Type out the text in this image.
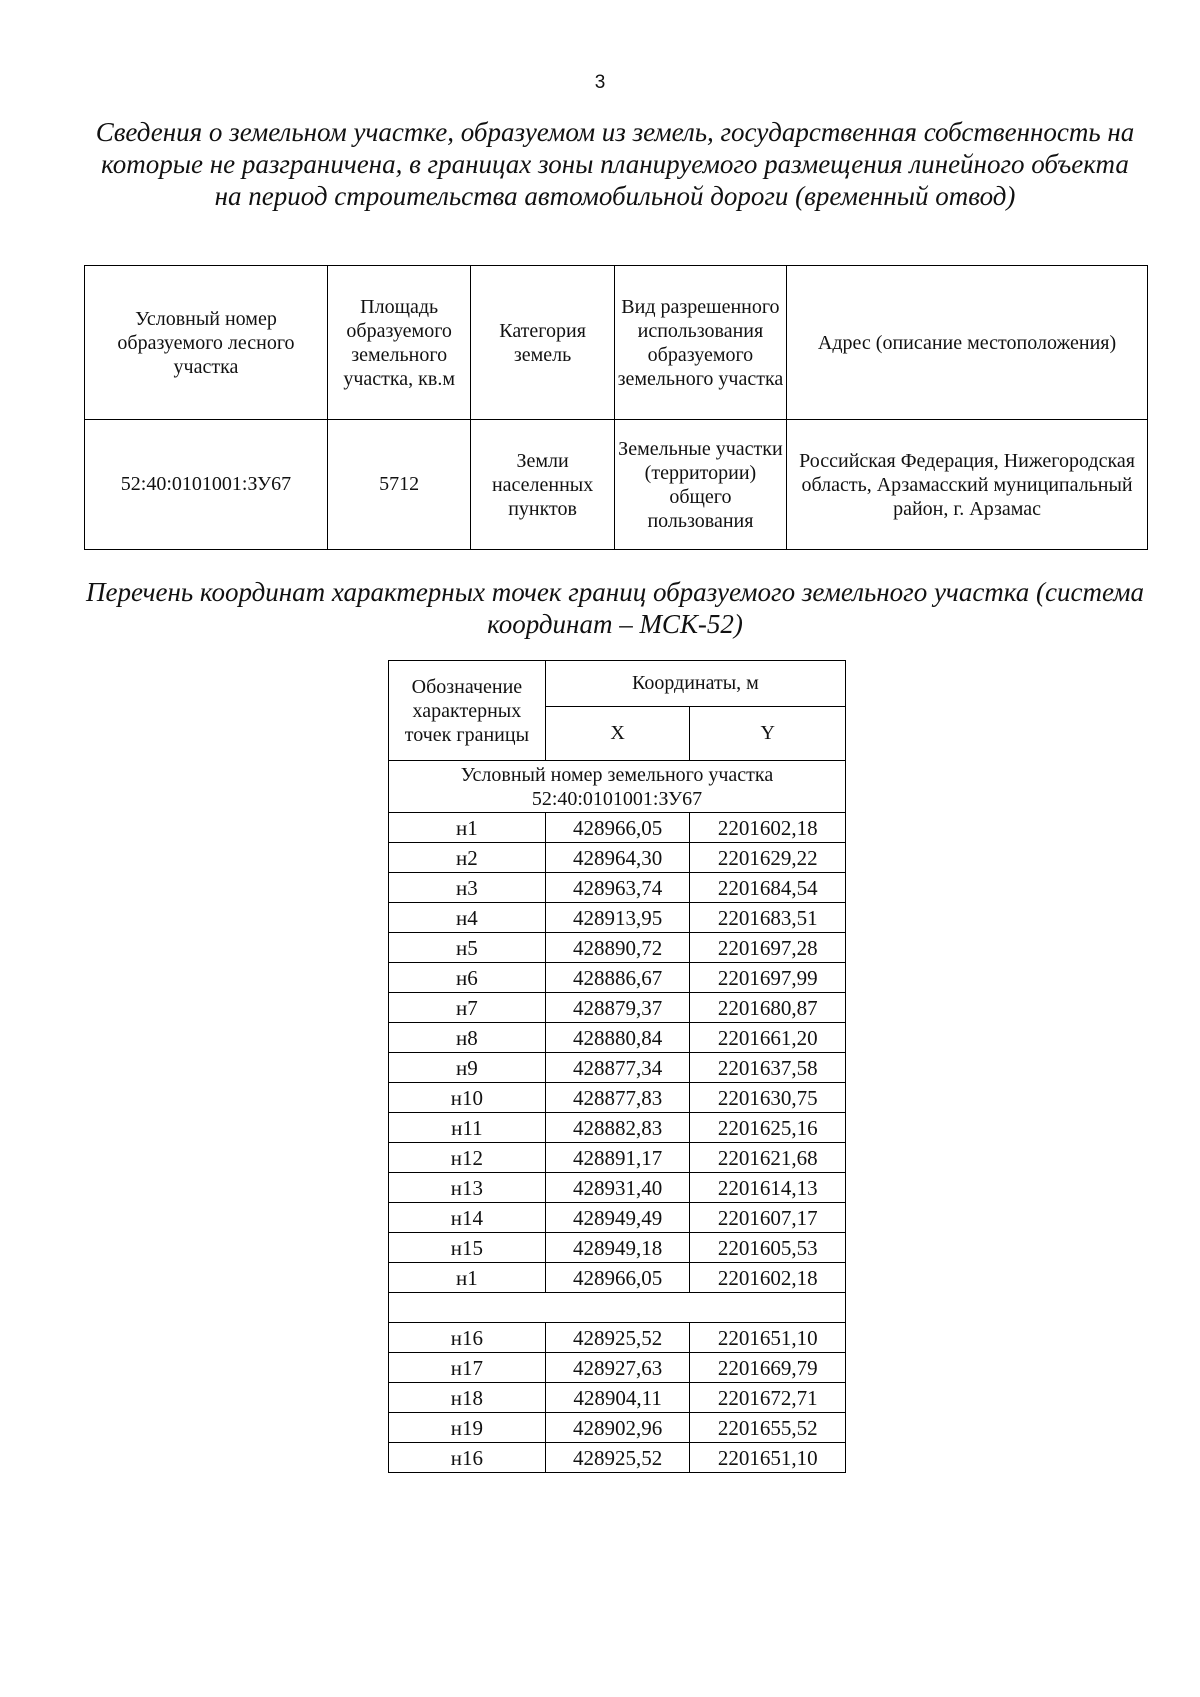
3
Сведения о земельном участке, образуемом из земель, государственная собственность на которые не разграничена, в границах зоны планируемого размещения линейного объекта на период строительства автомобильной дороги (временный отвод)
Условный номер образуемого лесного участка	Площадь образуемого земельного участка, кв.м	Категория земель	Вид разрешенного использования образуемого земельного участка	Адрес (описание местоположения)
52:40:0101001:ЗУ67	5712	Земли населенных пунктов	Земельные участки (территории) общего пользования	Российская Федерация, Нижегородская область, Арзамасский муниципальный район, г. Арзамас
Перечень координат характерных точек границ образуемого земельного участка (система координат – МСК-52)
Обозначение характерных точек границы	Координаты, м	
	X	Y
Условный номер земельного участка 52:40:0101001:ЗУ67		
н1	428966,05	2201602,18
н2	428964,30	2201629,22
н3	428963,74	2201684,54
н4	428913,95	2201683,51
н5	428890,72	2201697,28
н6	428886,67	2201697,99
н7	428879,37	2201680,87
н8	428880,84	2201661,20
н9	428877,34	2201637,58
н10	428877,83	2201630,75
н11	428882,83	2201625,16
н12	428891,17	2201621,68
н13	428931,40	2201614,13
н14	428949,49	2201607,17
н15	428949,18	2201605,53
н1	428966,05	2201602,18

н16	428925,52	2201651,10
н17	428927,63	2201669,79
н18	428904,11	2201672,71
н19	428902,96	2201655,52
н16	428925,52	2201651,10
